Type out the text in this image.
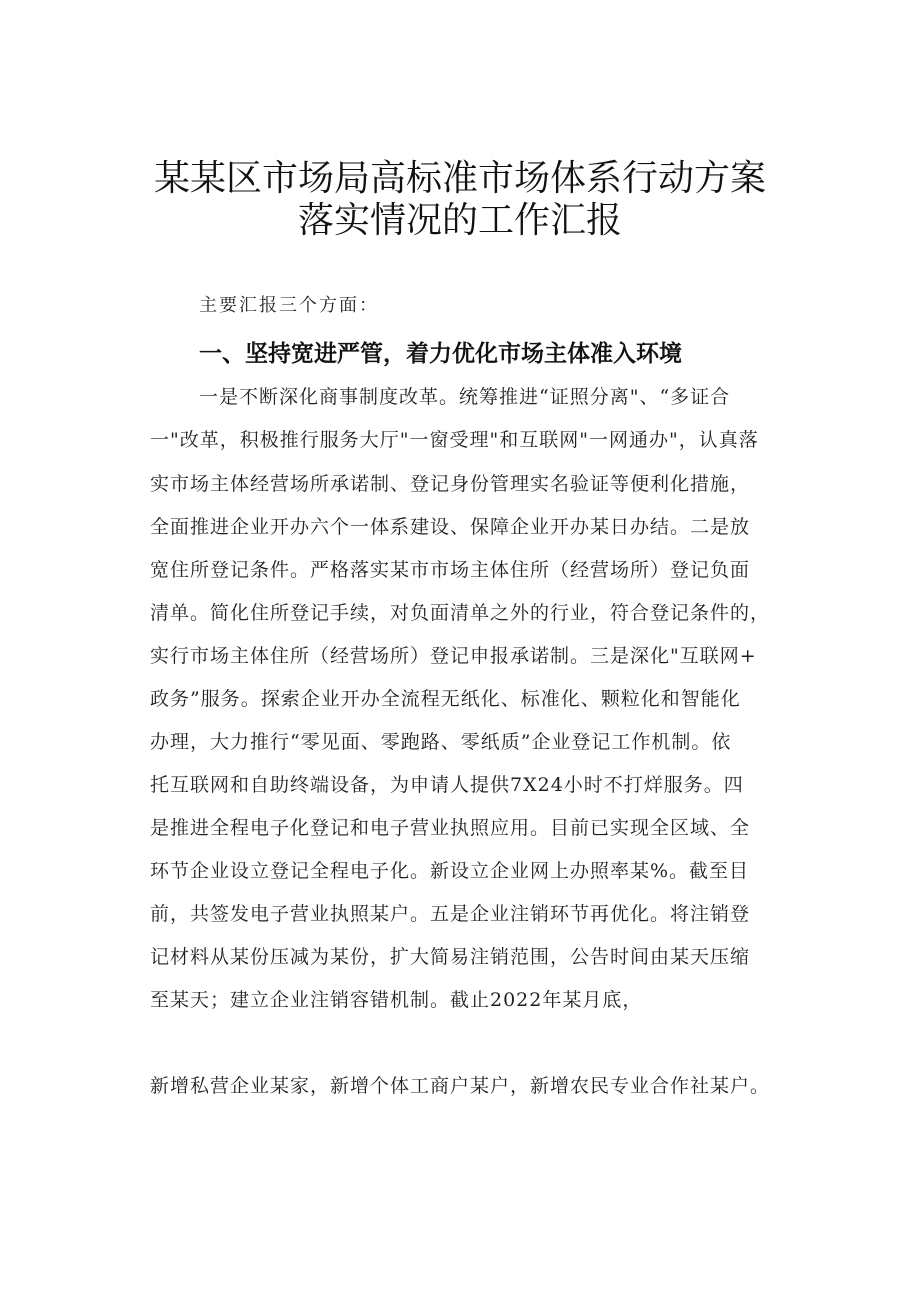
某某区市场局高标准市场体系行动方案
落实情况的工作汇报
主要汇报三个方面：
一、坚持宽进严管，着力优化市场主体准入环境
一是不断深化商事制度改革。统筹推进“证照分离"、“多证合
一"改革，积极推行服务大厅"一窗受理"和互联网"一网通办"，认真落
实市场主体经营场所承诺制、登记身份管理实名验证等便利化措施，
全面推进企业开办六个一体系建设、保障企业开办某日办结。二是放
宽住所登记条件。严格落实某市市场主体住所（经营场所）登记负面
清单。简化住所登记手续，对负面清单之外的行业，符合登记条件的，
实行市场主体住所（经营场所）登记申报承诺制。三是深化"互联网+
政务”服务。探索企业开办全流程无纸化、标准化、颗粒化和智能化
办理，大力推行“零见面、零跑路、零纸质”企业登记工作机制。依
托互联网和自助终端设备，为申请人提供7X24小时不打烊服务。四
是推进全程电子化登记和电子营业执照应用。目前已实现全区域、全
环节企业设立登记全程电子化。新设立企业网上办照率某%。截至目
前，共签发电子营业执照某户。五是企业注销环节再优化。将注销登
记材料从某份压减为某份，扩大简易注销范围，公告时间由某天压缩
至某天；建立企业注销容错机制。截止2022年某月底，
新增私营企业某家，新增个体工商户某户，新增农民专业合作社某户。
